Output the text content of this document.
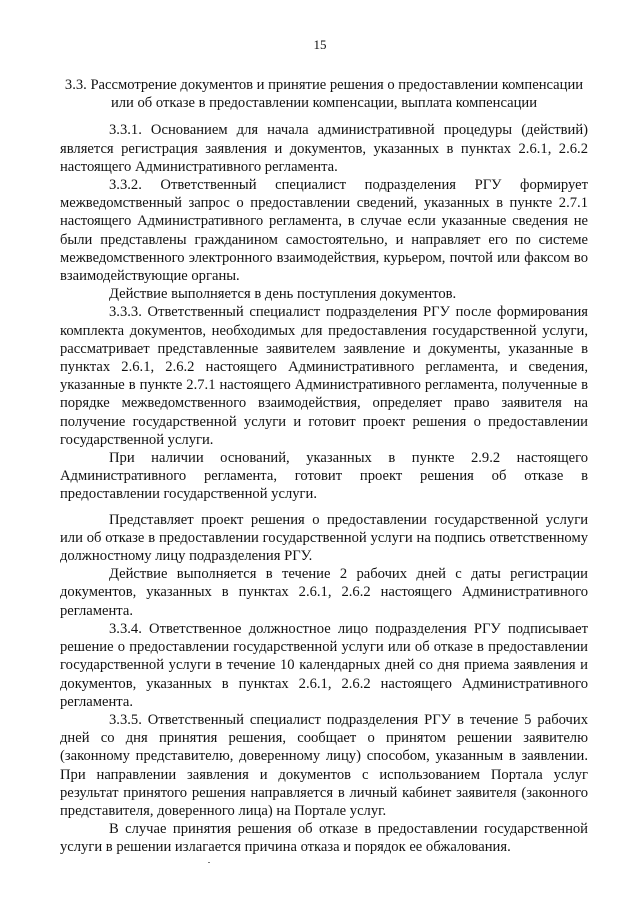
15

3.3. Рассмотрение документов и принятие решения о предоставлении компенсации или об отказе в предоставлении компенсации, выплата компенсации

3.3.1. Основанием для начала административной процедуры (действий) является регистрация заявления и документов, указанных в пунктах 2.6.1, 2.6.2 настоящего Административного регламента.

3.3.2. Ответственный специалист подразделения РГУ формирует межведомственный запрос о предоставлении сведений, указанных в пункте 2.7.1 настоящего Административного регламента, в случае если указанные сведения не были представлены гражданином самостоятельно, и направляет его по системе межведомственного электронного взаимодействия, курьером, почтой или факсом во взаимодействующие органы.

Действие выполняется в день поступления документов.

3.3.3. Ответственный специалист подразделения РГУ после формирования комплекта документов, необходимых для предоставления государственной услуги, рассматривает представленные заявителем заявление и документы, указанные в пунктах 2.6.1, 2.6.2 настоящего Административного регламента, и сведения, указанные в пункте 2.7.1 настоящего Административного регламента, полученные в порядке межведомственного взаимодействия, определяет право заявителя на получение государственной услуги и готовит проект решения о предоставлении государственной услуги.

При наличии оснований, указанных в пункте 2.9.2 настоящего Административного регламента, готовит проект решения об отказе в предоставлении государственной услуги.

Представляет проект решения о предоставлении государственной услуги или об отказе в предоставлении государственной услуги на подпись ответственному должностному лицу подразделения РГУ.

Действие выполняется в течение 2 рабочих дней с даты регистрации документов, указанных в пунктах 2.6.1, 2.6.2 настоящего Административного регламента.

3.3.4. Ответственное должностное лицо подразделения РГУ подписывает решение о предоставлении государственной услуги или об отказе в предоставлении государственной услуги в течение 10 календарных дней со дня приема заявления и документов, указанных в пунктах 2.6.1, 2.6.2 настоящего Административного регламента.

3.3.5. Ответственный специалист подразделения РГУ в течение 5 рабочих дней со дня принятия решения, сообщает о принятом решении заявителю (законному представителю, доверенному лицу) способом, указанным в заявлении. При направлении заявления и документов с использованием Портала услуг результат принятого решения направляется в личный кабинет заявителя (законного представителя, доверенного лица) на Портале услуг.

В случае принятия решения об отказе в предоставлении государственной услуги в решении излагается причина отказа и порядок ее обжалования.
